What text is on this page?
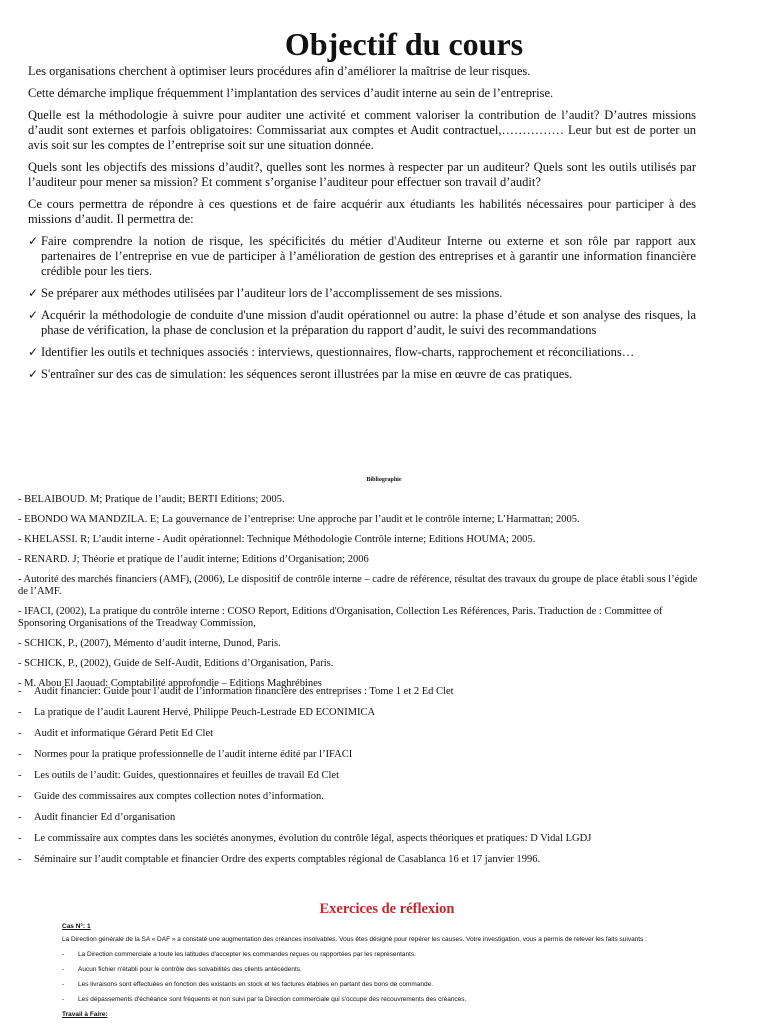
Objectif du cours

Les organisations cherchent à optimiser leurs procédures afin d’améliorer la maîtrise de leur risques.

Cette démarche implique fréquemment l’implantation des services d’audit interne au sein de l’entreprise.

Quelle est la méthodologie à suivre pour auditer une activité et comment valoriser la contribution de l’audit? D’autres missions d’audit sont externes et parfois obligatoires: Commissariat aux comptes et Audit contractuel,…………… Leur but est de porter un avis soit sur les comptes de l’entreprise soit sur une situation donnée.

Quels sont les objectifs des missions d’audit?, quelles sont les normes à respecter par un auditeur? Quels sont les outils utilisés par l’auditeur pour mener sa mission? Et comment s’organise l’auditeur pour effectuer son travail d’audit?

Ce cours permettra de répondre à ces questions et de faire acquérir aux étudiants les habilités nécessaires pour participer à des missions d’audit. Il permettra de:

✓ Faire comprendre la notion de risque, les spécificités du métier d'Auditeur Interne ou externe et son rôle par rapport aux partenaires de l’entreprise en vue de participer à l’amélioration de gestion des entreprises et à garantir une information financière crédible pour les tiers.
✓ Se préparer aux méthodes utilisées par l’auditeur lors de l’accomplissement de ses missions.
✓ Acquérir la méthodologie de conduite d'une mission d'audit opérationnel ou autre: la phase d’étude et son analyse des risques, la phase de vérification, la phase de conclusion et la préparation du rapport d’audit, le suivi des recommandations
✓ Identifier les outils et techniques associés : interviews, questionnaires, flow-charts, rapprochement et réconciliations…
✓ S'entraîner sur des cas de simulation: les séquences seront illustrées par la mise en œuvre de cas pratiques.
Bibliographie
- BELAIBOUD. M; Pratique de l’audit; BERTI Editions; 2005.
- EBONDO WA MANDZILA. E; La gouvernance de l’entreprise: Une approche par l’audit et le contrôle interne; L’Harmattan; 2005.
- KHELASSI. R; L’audit interne - Audit opérationnel: Technique Méthodologie Contrôle interne; Editions HOUMA; 2005.
- RENARD. J; Théorie et pratique de l’audit interne; Editions d’Organisation; 2006
- Autorité des marchés financiers (AMF), (2006), Le dispositif de contrôle interne – cadre de référence, résultat des travaux du groupe de place établi sous l’égide de l’AMF.
- IFACI, (2002), La pratique du contrôle interne : COSO Report, Editions d'Organisation, Collection Les Références, Paris. Traduction de : Committee of Sponsoring Organisations of the Treadway Commission,
- SCHICK, P., (2007), Mémento d’audit interne, Dunod, Paris.
- SCHICK, P., (2002), Guide de Self-Audit, Editions d’Organisation, Paris.
- M. Abou El Jaouad: Comptabilité approfondie – Editions Maghrébines
- Audit financier: Guide pour l’audit de l’information financière des entreprises : Tome 1 et 2 Ed Clet
- La pratique de l’audit Laurent Hervé, Philippe Peuch-Lestrade ED ECONIMICA
- Audit et informatique Gérard Petit Ed Clet
- Normes pour la pratique professionnelle de l’audit interne édité par l’IFACI
- Les outils de l’audit: Guides, questionnaires et feuilles de travail Ed Clet
- Guide des commissaires aux comptes collection notes d’information.
- Audit financier Ed d’organisation
- Le commissaire aux comptes dans les sociétés anonymes, évolution du contrôle légal, aspects théoriques et pratiques: D Vidal LGDJ
- Séminaire sur l’audit comptable et financier Ordre des experts comptables régional de Casablanca 16 et 17 janvier 1996.
Exercices de réflexion
Cas N°: 1
La Direction générale de la SA « DAF » a constaté une augmentation des créances insolvables. Vous êtes désigné pour repérer les causes. Votre investigation, vous a permis de relever les faits suivants :
- La Direction commerciale a toute les latitudes d'accepter les commandes reçues ou rapportées par les représentants.
- Aucun fichier n'établi pour le contrôle des solvabilités des clients antécédents.
- Les livraisons sont effectuées en fonction des existants en stock et les factures établies en partant des bons de commande.
- Les dépassements d'échéance sont fréquents et non suivi par la Direction commerciale qui s'occupe des recouvrements des créances.
Travail à Faire:
